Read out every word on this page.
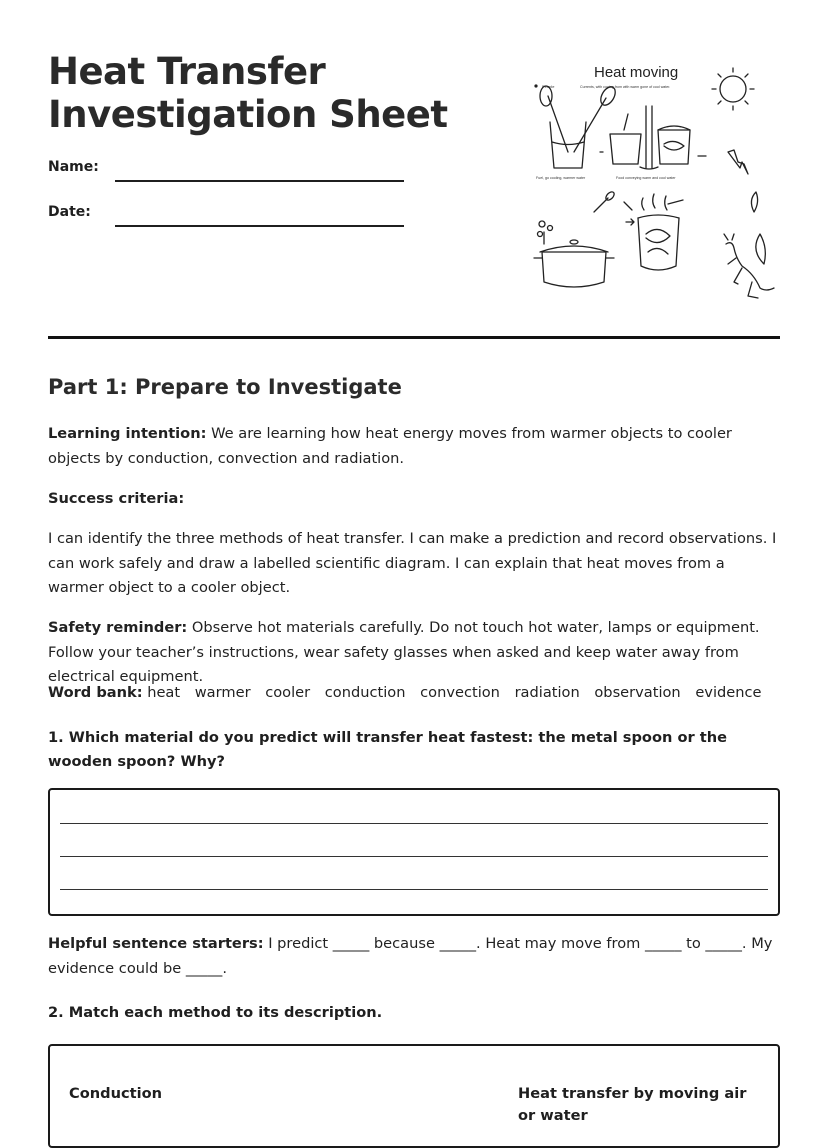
Heat Transfer
Investigation Sheet
Name:
Date:
Heat moving
People	Currents, with coping from with warm gone of cool water.
Fuel, go cooling, warmer water	Food conveying warm and cool water
Part 1: Prepare to Investigate

Learning intention: We are learning how heat energy moves from warmer objects to cooler objects by conduction, convection and radiation.

Success criteria:

I can identify the three methods of heat transfer. I can make a prediction and record observations. I can work safely and draw a labelled scientific diagram. I can explain that heat moves from a warmer object to a cooler object.

Safety reminder: Observe hot materials carefully. Do not touch hot water, lamps or equipment. Follow your teacher’s instructions, wear safety glasses when asked and keep water away from electrical equipment.

Word bank: heat warmer cooler conduction convection radiation observation evidence

1. Which material do you predict will transfer heat fastest: the metal spoon or the wooden spoon? Why?

Helpful sentence starters: I predict _____ because _____. Heat may move from _____ to _____. My evidence could be _____.

2. Match each method to its description.

Conduction	Heat transfer by moving air or water
